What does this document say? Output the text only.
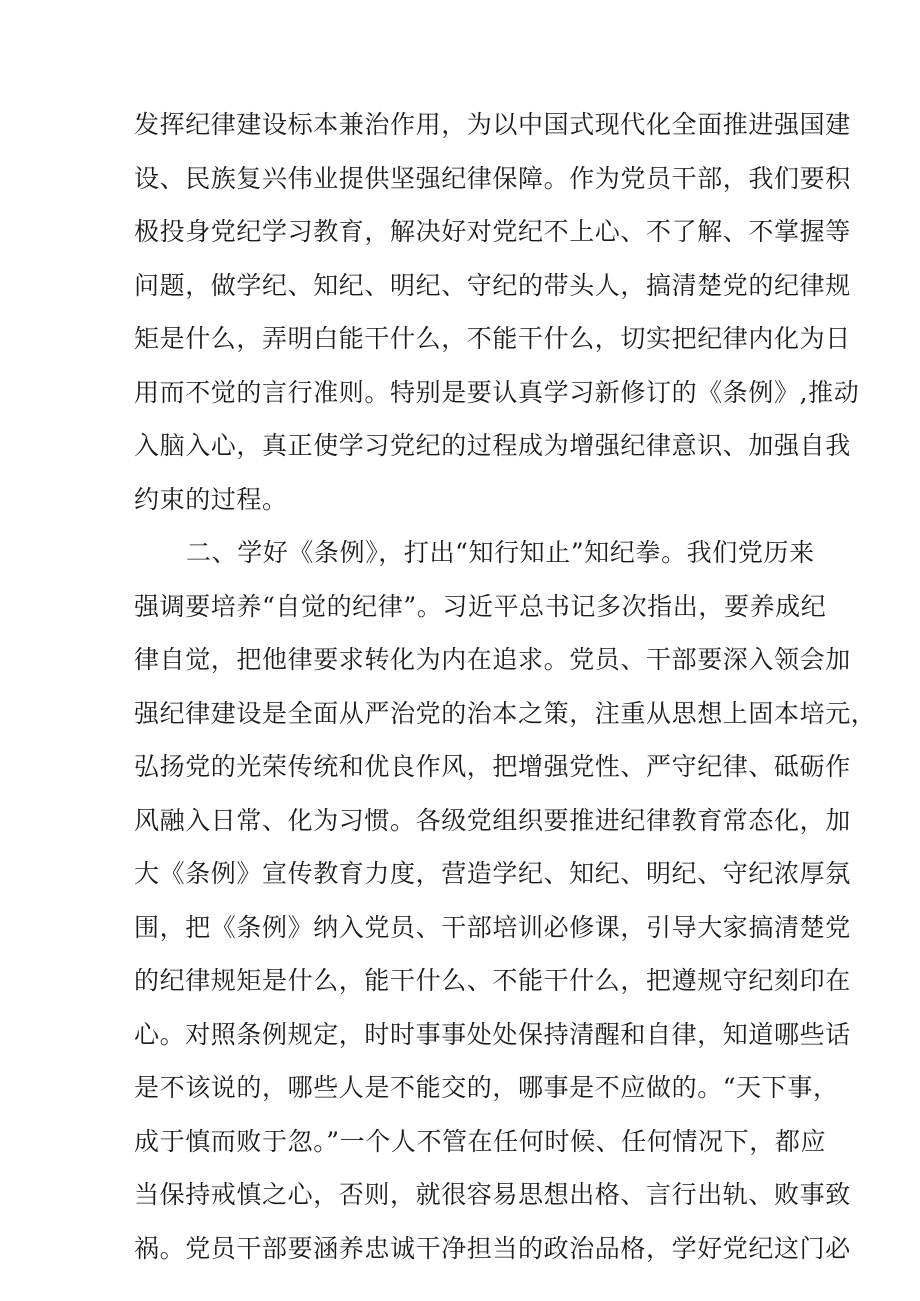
发挥纪律建设标本兼治作用，为以中国式现代化全面推进强国建
设、民族复兴伟业提供坚强纪律保障。作为党员干部，我们要积
极投身党纪学习教育，解决好对党纪不上心、不了解、不掌握等
问题，做学纪、知纪、明纪、守纪的带头人，搞清楚党的纪律规
矩是什么，弄明白能干什么，不能干什么，切实把纪律内化为日
用而不觉的言行准则。特别是要认真学习新修订的《条例》,推动
入脑入心，真正使学习党纪的过程成为增强纪律意识、加强自我
约束的过程。
二、学好《条例》，打出“知行知止”知纪拳。我们党历来
强调要培养“自觉的纪律”。习近平总书记多次指出，要养成纪
律自觉，把他律要求转化为内在追求。党员、干部要深入领会加
强纪律建设是全面从严治党的治本之策，注重从思想上固本培元，
弘扬党的光荣传统和优良作风，把增强党性、严守纪律、砥砺作
风融入日常、化为习惯。各级党组织要推进纪律教育常态化，加
大《条例》宣传教育力度，营造学纪、知纪、明纪、守纪浓厚氛
围，把《条例》纳入党员、干部培训必修课，引导大家搞清楚党
的纪律规矩是什么，能干什么、不能干什么，把遵规守纪刻印在
心。对照条例规定，时时事事处处保持清醒和自律，知道哪些话
是不该说的，哪些人是不能交的，哪事是不应做的。“天下事，
成于慎而败于忽。”一个人不管在任何时候、任何情况下，都应
当保持戒慎之心，否则，就很容易思想出格、言行出轨、败事致
祸。党员干部要涵养忠诚干净担当的政治品格，学好党纪这门必
